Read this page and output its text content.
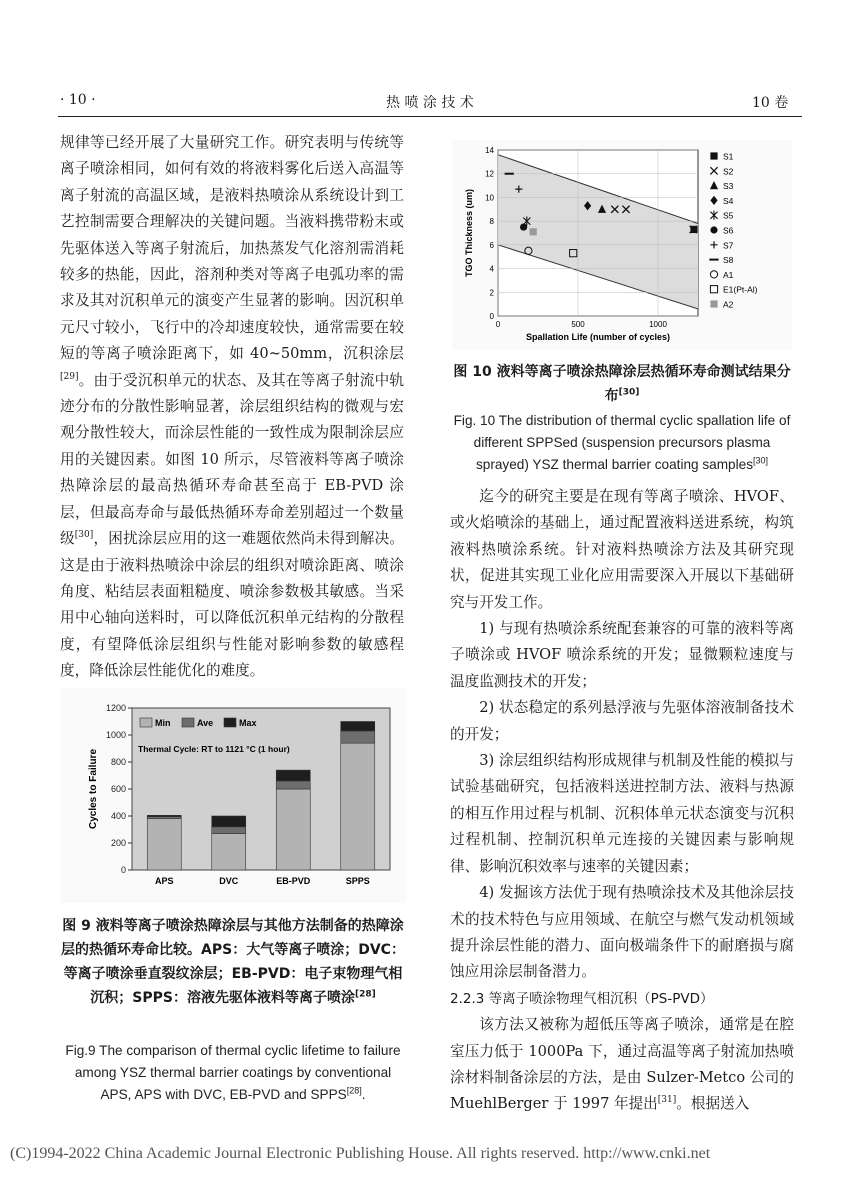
· 10 ·	热 喷 涂 技 术	10 卷

规律等已经开展了大量研究工作。研究表明与传统等离子喷涂相同，如何有效的将液料雾化后送入高温等离子射流的高温区域，是液料热喷涂从系统设计到工艺控制需要合理解决的关键问题。当液料携带粉末或先驱体送入等离子射流后，加热蒸发气化溶剂需消耗较多的热能，因此，溶剂种类对等离子电弧功率的需求及其对沉积单元的演变产生显著的影响。因沉积单元尺寸较小，飞行中的冷却速度较快，通常需要在较短的等离子喷涂距离下，如 40~50mm，沉积涂层[29]。由于受沉积单元的状态、及其在等离子射流中轨迹分布的分散性影响显著，涂层组织结构的微观与宏观分散性较大，而涂层性能的一致性成为限制涂层应用的关键因素。如图 10 所示，尽管液料等离子喷涂热障涂层的最高热循环寿命甚至高于 EB-PVD 涂层，但最高寿命与最低热循环寿命差别超过一个数量级[30]，困扰涂层应用的这一难题依然尚未得到解决。这是由于液料热喷涂中涂层的组织对喷涂距离、喷涂角度、粘结层表面粗糙度、喷涂参数极其敏感。当采用中心轴向送料时，可以降低沉积单元结构的分散程度，有望降低涂层组织与性能对影响参数的敏感程度，降低涂层性能优化的难度。

0
200
400
600
800
1000
1200
Cycles to Failure
APS	DVC	EB-PVD	SPPS
Min	Ave	Max
Thermal Cycle: RT to 1121 °C (1 hour)
图 9 液料等离子喷涂热障涂层与其他方法制备的热障涂层的热循环寿命比较。APS：大气等离子喷涂；DVC：等离子喷涂垂直裂纹涂层；EB-PVD：电子束物理气相沉积；SPPS：溶液先驱体液料等离子喷涂[28]
Fig.9 The comparison of thermal cyclic lifetime to failure among YSZ thermal barrier coatings by conventional APS, APS with DVC, EB-PVD and SPPS[28].
0
2
4
6
8
10
12
14
0	500	1000
Spallation Life (number of cycles)
TGO Thickness (um)
S1
S2
S3
S4
S5
S6
S7
S8
A1
E1(Pt-Al)
A2
图 10 液料等离子喷涂热障涂层热循环寿命测试结果分布[30]
Fig. 10 The distribution of thermal cyclic spallation life of different SPPSed (suspension precursors plasma sprayed) YSZ thermal barrier coating samples[30]

迄今的研究主要是在现有等离子喷涂、HVOF、或火焰喷涂的基础上，通过配置液料送进系统，构筑液料热喷涂系统。针对液料热喷涂方法及其研究现状，促进其实现工业化应用需要深入开展以下基础研究与开发工作。

1) 与现有热喷涂系统配套兼容的可靠的液料等离子喷涂或 HVOF 喷涂系统的开发；显微颗粒速度与温度监测技术的开发；

2) 状态稳定的系列悬浮液与先驱体溶液制备技术的开发；

3) 涂层组织结构形成规律与机制及性能的模拟与试验基础研究，包括液料送进控制方法、液料与热源的相互作用过程与机制、沉积体单元状态演变与沉积过程机制、控制沉积单元连接的关键因素与影响规律、影响沉积效率与速率的关键因素；

4) 发掘该方法优于现有热喷涂技术及其他涂层技术的技术特色与应用领域、在航空与燃气发动机领域提升涂层性能的潜力、面向极端条件下的耐磨损与腐蚀应用涂层制备潜力。

2.2.3 等离子喷涂物理气相沉积（PS-PVD）

该方法又被称为超低压等离子喷涂，通常是在腔室压力低于 1000Pa 下，通过高温等离子射流加热喷涂材料制备涂层的方法，是由 Sulzer-Metco 公司的 MuehlBerger 于 1997 年提出[31]。根据送入

(C)1994-2022 China Academic Journal Electronic Publishing House. All rights reserved. http://www.cnki.net
